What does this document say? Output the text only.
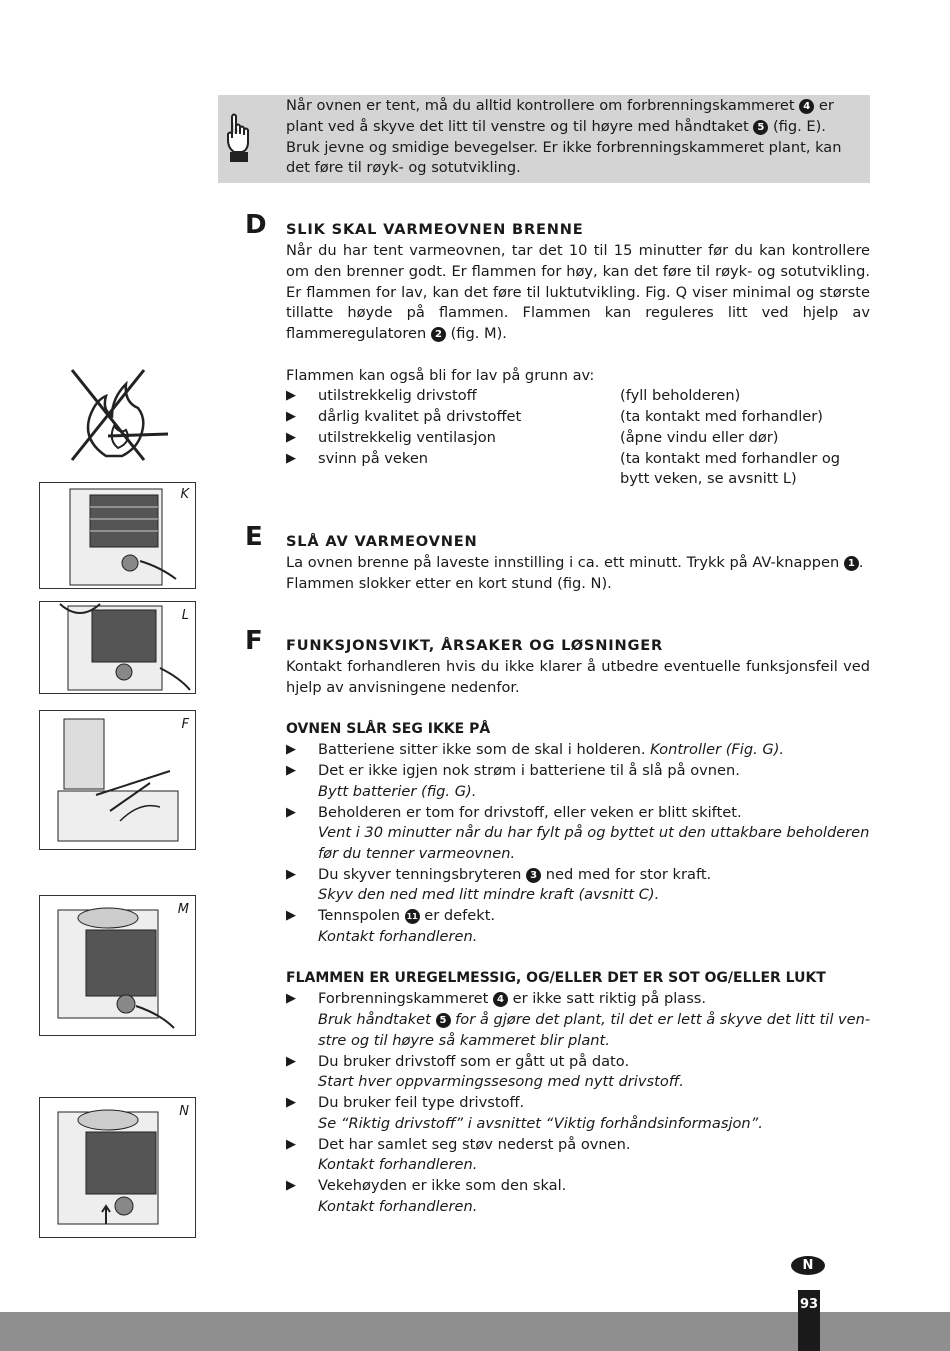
Når ovnen er tent, må du alltid kontrollere om forbrenningskammeret 4 er plant ved å skyve det litt til venstre og til høyre med håndtaket 5 (fig. E). Bruk jevne og smidige bevegelser. Er ikke forbrenningskammeret plant, kan det føre til røyk- og sotutvikling.
D SLIK SKAL VARMEOVNEN BRENNE
Når du har tent varmeovnen, tar det 10 til 15 minutter før du kan kontrollere om den brenner godt. Er flammen for høy, kan det føre til røyk- og sotutvikling. Er flammen for lav, kan det føre til luktutvikling. Fig. Q viser minimal og største tillatte høyde på flammen. Flammen kan reguleres litt ved hjelp av flammeregulatoren 2 (fig. M).
Flammen kan også bli for lav på grunn av:
▶ utilstrekkelig drivstoff	(fyll beholderen)
▶ dårlig kvalitet på drivstoffet	(ta kontakt med forhandler)
▶ utilstrekkelig ventilasjon	(åpne vindu eller dør)
▶ svinn på veken	(ta kontakt med forhandler og
bytt veken, se avsnitt L)
E SLÅ AV VARMEOVNEN
La ovnen brenne på laveste innstilling i ca. ett minutt. Trykk på AV-knappen 1 .
Flammen slokker etter en kort stund (fig. N).
F FUNKSJONSVIKT, ÅRSAKER OG LØSNINGER
Kontakt forhandleren hvis du ikke klarer å utbedre eventuelle funksjonsfeil ved hjelp av anvisningene nedenfor.
OVNEN SLÅR SEG IKKE PÅ
▶ Batteriene sitter ikke som de skal i holderen. Kontroller (Fig. G).
▶ Det er ikke igjen nok strøm i batteriene til å slå på ovnen.
Bytt batterier (fig. G).
▶ Beholderen er tom for drivstoff, eller veken er blitt skiftet.
Vent i 30 minutter når du har fylt på og byttet ut den uttakbare beholderen
før du tenner varmeovnen.
▶ Du skyver tenningsbryteren 3 ned med for stor kraft.
Skyv den ned med litt mindre kraft (avsnitt C).
▶ Tennspolen 11 er defekt.
Kontakt forhandleren.
FLAMMEN ER UREGELMESSIG, OG/ELLER DET ER SOT OG/ELLER LUKT
▶ Forbrenningskammeret 4 er ikke satt riktig på plass.
Bruk håndtaket 5 for å gjøre det plant, til det er lett å skyve det litt til ven-
stre og til høyre så kammeret blir plant.
▶ Du bruker drivstoff som er gått ut på dato.
Start hver oppvarmingssesong med nytt drivstoff.
▶ Du bruker feil type drivstoff.
Se “Riktig drivstoff” i avsnittet “Viktig forhåndsinformasjon”.
▶ Det har samlet seg støv nederst på ovnen.
Kontakt forhandleren.
▶ Vekehøyden er ikke som den skal.
Kontakt forhandleren.
K
L
F
M
N
N
93
